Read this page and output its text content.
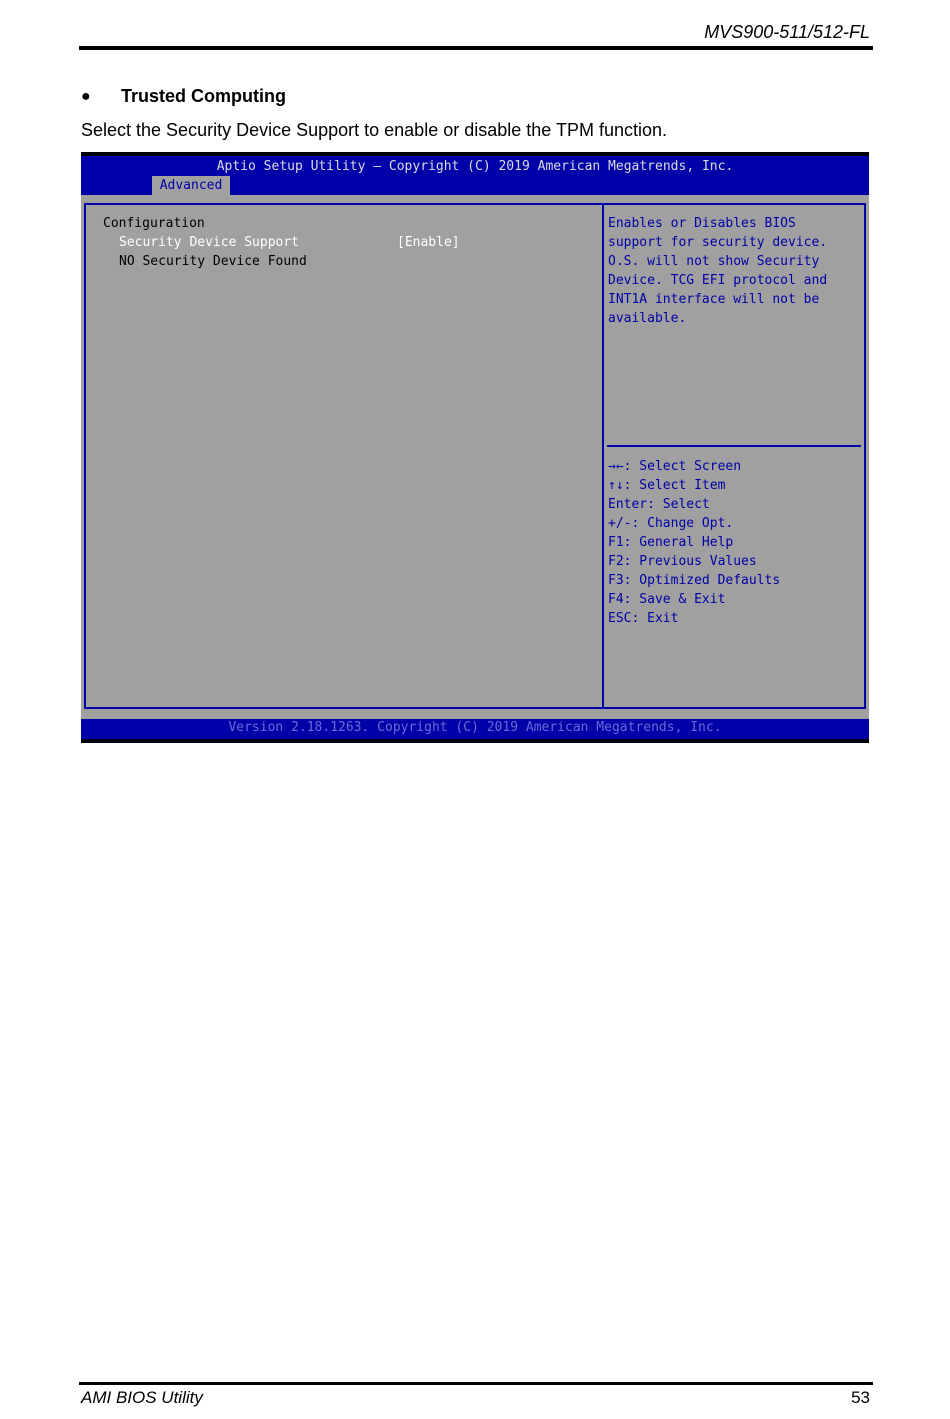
MVS900-511/512-FL
● Trusted Computing
Select the Security Device Support to enable or disable the TPM function.
Aptio Setup Utility – Copyright (C) 2019 American Megatrends, Inc.
Advanced
Configuration
Security Device Support	[Enable]
NO Security Device Found
Enables or Disables BIOS
support for security device.
O.S. will not show Security
Device. TCG EFI protocol and
INT1A interface will not be
available.
→←: Select Screen
↑↓: Select Item
Enter: Select
+/-: Change Opt.
F1: General Help
F2: Previous Values
F3: Optimized Defaults
F4: Save & Exit
ESC: Exit
Version 2.18.1263. Copyright (C) 2019 American Megatrends, Inc.
AMI BIOS Utility	53
